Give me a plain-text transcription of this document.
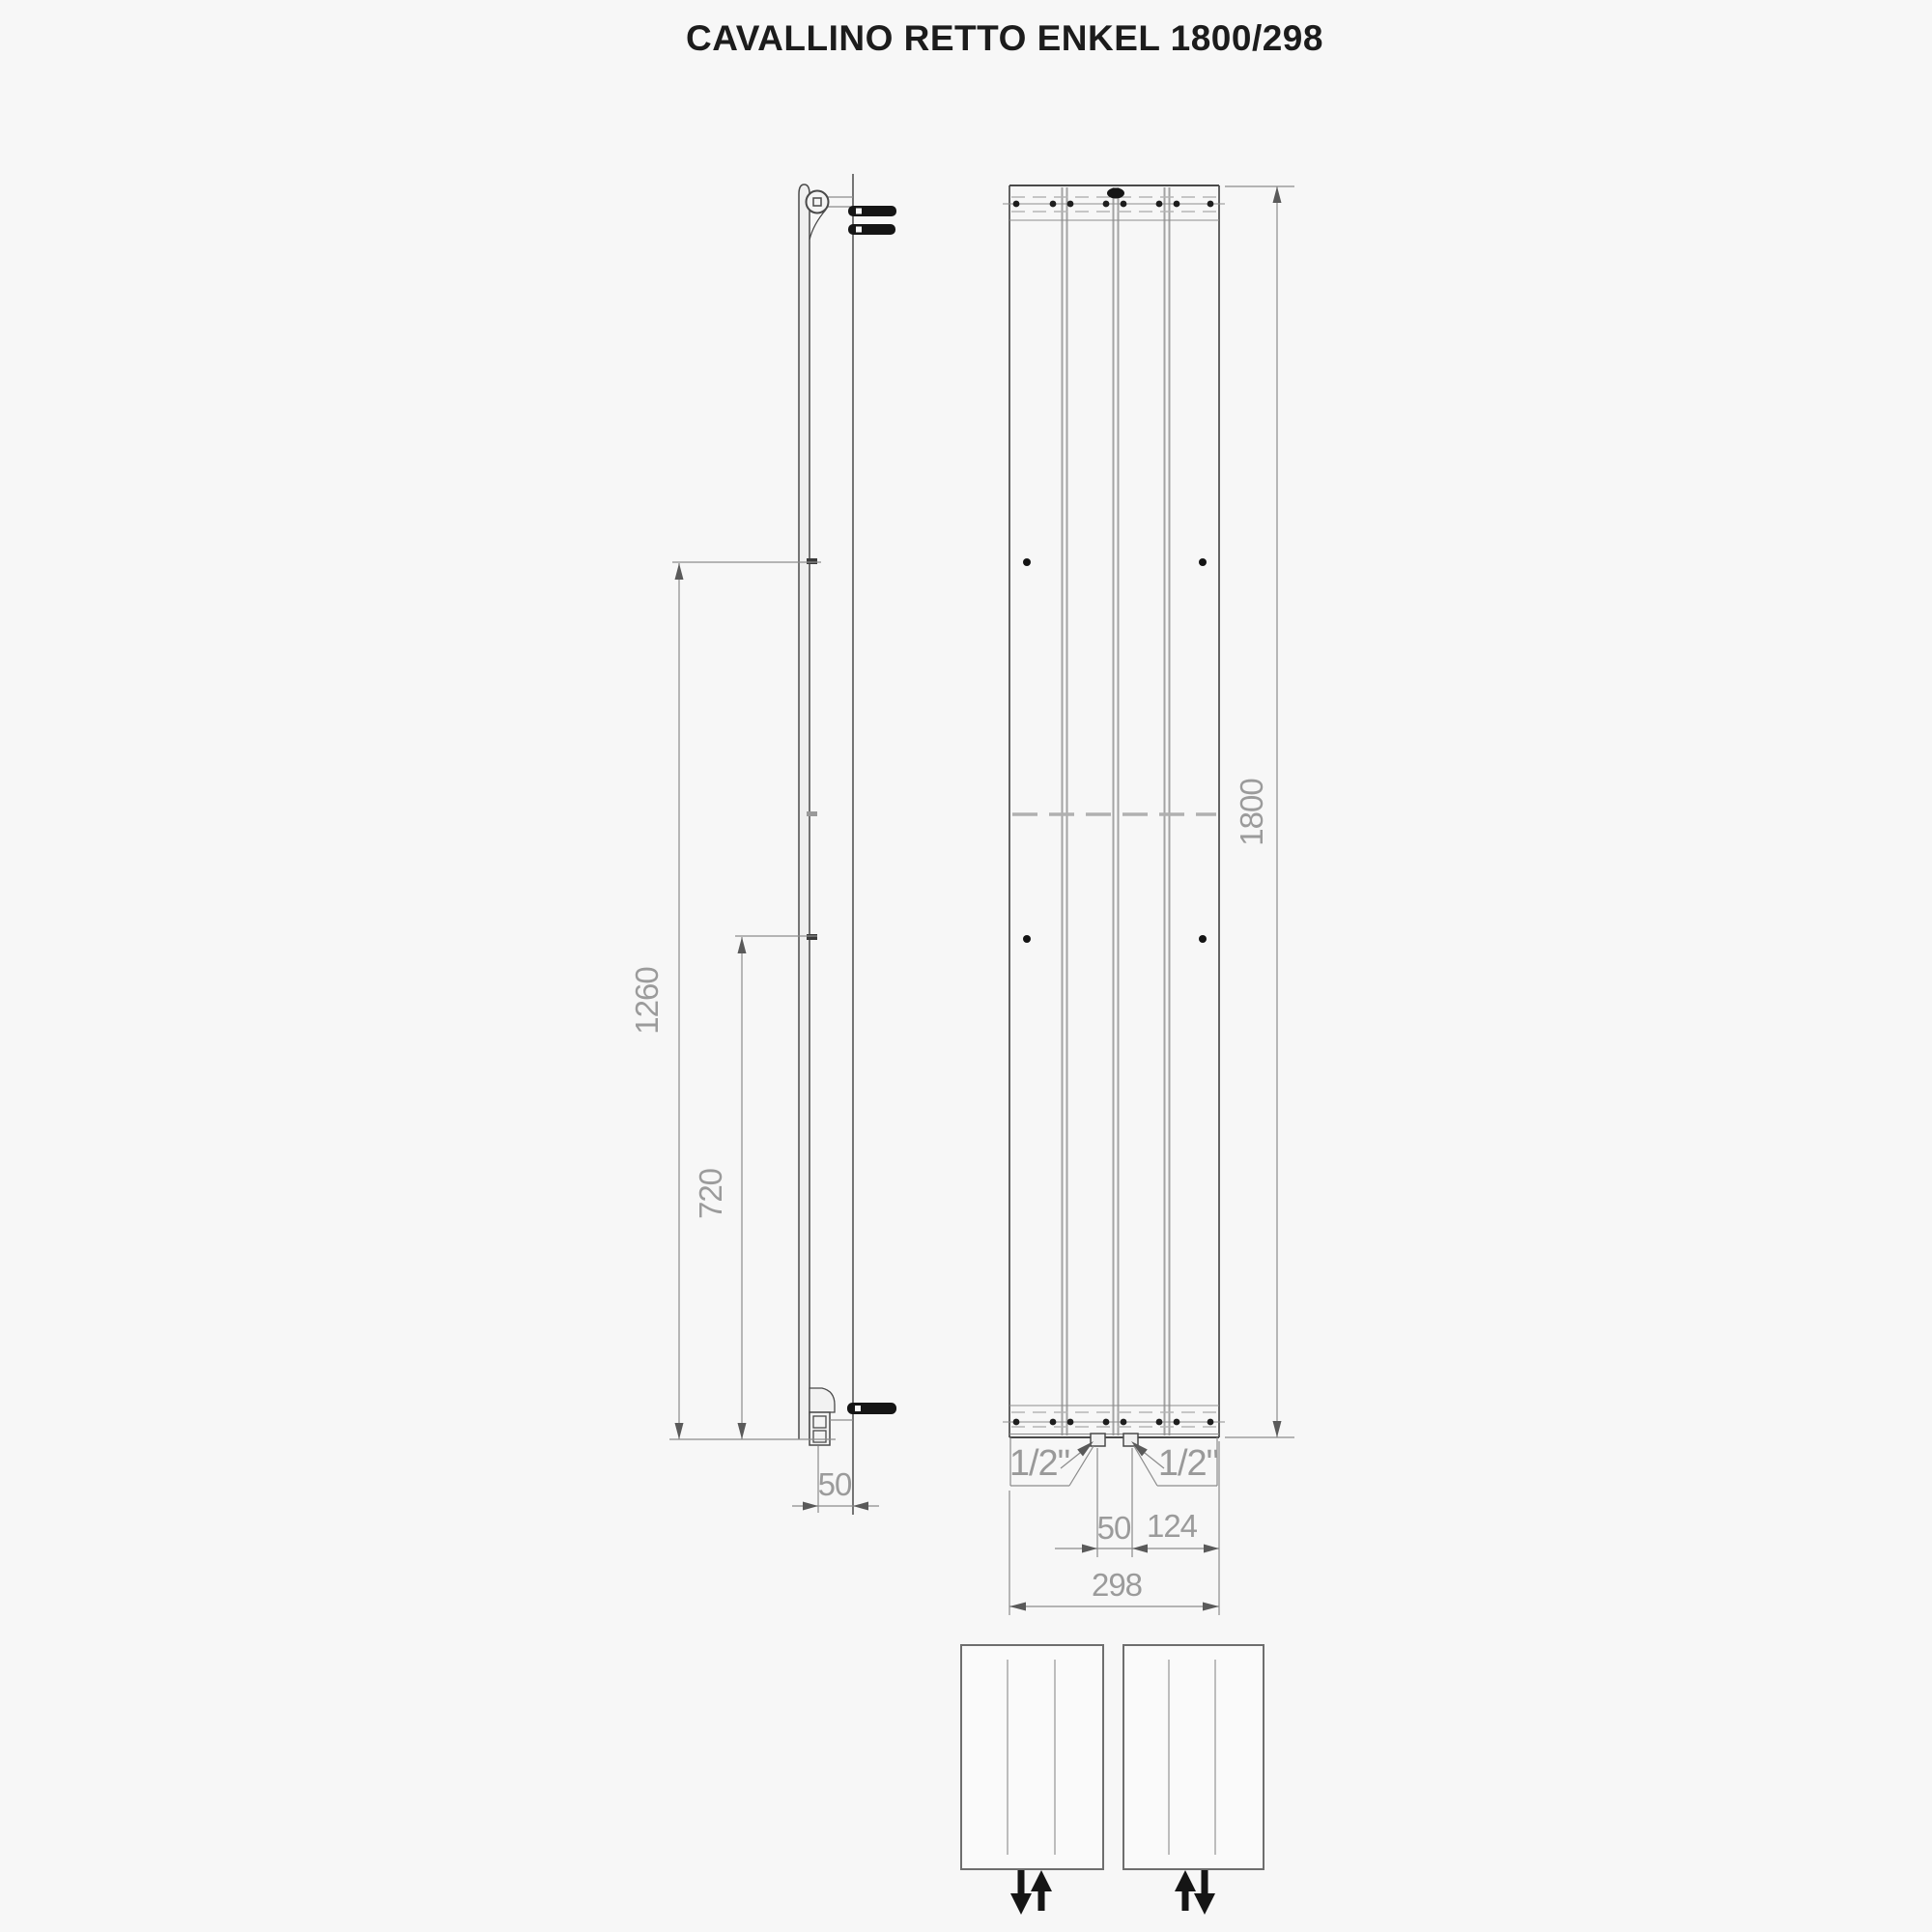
CAVALLINO RETTO ENKEL 1800/298
1260
720
50
1/2" 1/2"
1800
50 124
298
